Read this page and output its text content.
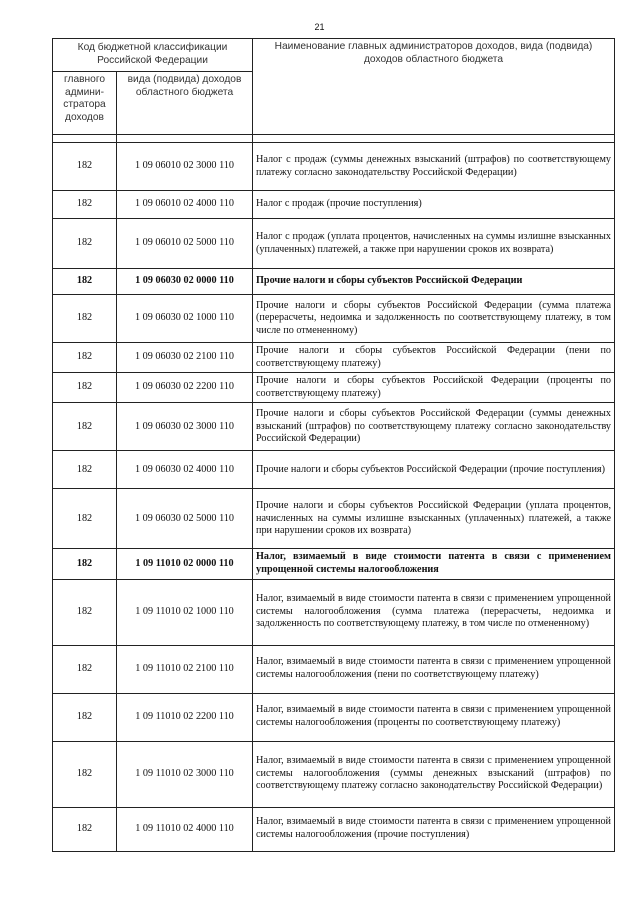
21
Код бюджетной классификации Российской Федерации		Наименование главных администраторов доходов, вида (подвида) доходов областного бюджета
главного админи-стратора доходов	вида (подвида) доходов областного бюджета	

182	1 09 06010 02 3000 110	Налог с продаж (суммы денежных взысканий (штрафов) по соответствующему платежу согласно законодательству Российской Федерации)
182	1 09 06010 02 4000 110	Налог с продаж (прочие поступления)
182	1 09 06010 02 5000 110	Налог с продаж (уплата процентов, начисленных на суммы излишне взысканных (уплаченных) платежей, а также при нарушении сроков их возврата)
182	1 09 06030 02 0000 110	Прочие налоги и сборы субъектов Российской Федерации
182	1 09 06030 02 1000 110	Прочие налоги и сборы субъектов Российской Федерации (сумма платежа (перерасчеты, недоимка и задолженность по соответствующему платежу, в том числе по отмененному)
182	1 09 06030 02 2100 110	Прочие налоги и сборы субъектов Российской Федерации (пени по соответствующему платежу)
182	1 09 06030 02 2200 110	Прочие налоги и сборы субъектов Российской Федерации (проценты по соответствующему платежу)
182	1 09 06030 02 3000 110	Прочие налоги и сборы субъектов Российской Федерации (суммы денежных взысканий (штрафов) по соответствующему платежу согласно законодательству Российской Федерации)
182	1 09 06030 02 4000 110	Прочие налоги и сборы субъектов Российской Федерации (прочие поступления)
182	1 09 06030 02 5000 110	Прочие налоги и сборы субъектов Российской Федерации (уплата процентов, начисленных на суммы излишне взысканных (уплаченных) платежей, а также при нарушении сроков их возврата)
182	1 09 11010 02 0000 110	Налог, взимаемый в виде стоимости патента в связи с применением упрощенной системы налогообложения
182	1 09 11010 02 1000 110	Налог, взимаемый в виде стоимости патента в связи с применением упрощенной системы налогообложения (сумма платежа (перерасчеты, недоимка и задолженность по соответствующему платежу, в том числе по отмененному)
182	1 09 11010 02 2100 110	Налог, взимаемый в виде стоимости патента в связи с применением упрощенной системы налогообложения (пени по соответствующему платежу)
182	1 09 11010 02 2200 110	Налог, взимаемый в виде стоимости патента в связи с применением упрощенной системы налогообложения (проценты по соответствующему платежу)
182	1 09 11010 02 3000 110	Налог, взимаемый в виде стоимости патента в связи с применением упрощенной системы налогообложения (суммы денежных взысканий (штрафов) по соответствующему платежу согласно законодательству Российской Федерации)
182	1 09 11010 02 4000 110	Налог, взимаемый в виде стоимости патента в связи с применением упрощенной системы налогообложения (прочие поступления)
